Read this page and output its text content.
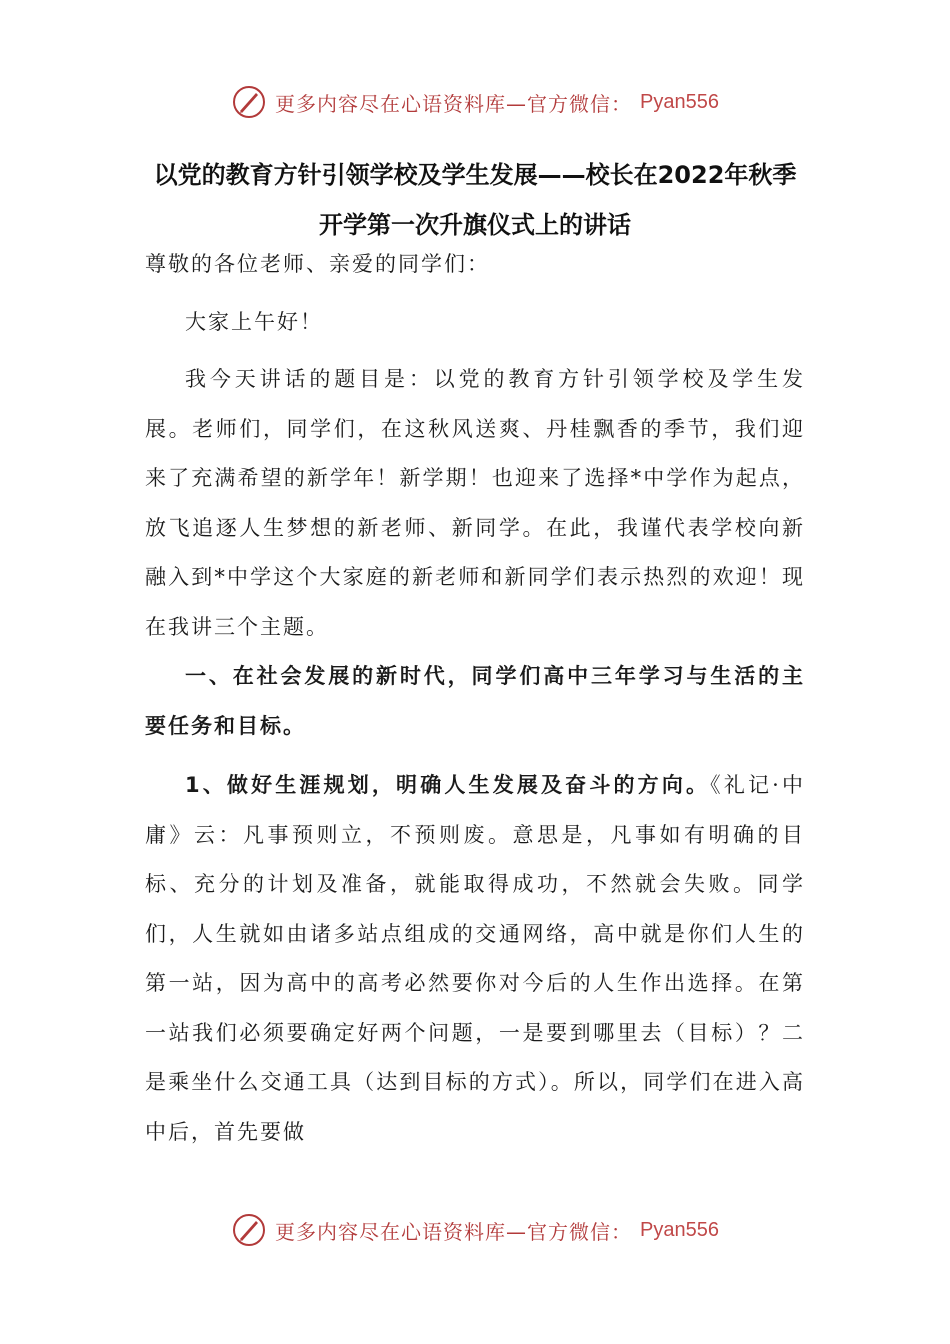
更多内容尽在心语资料库—官方微信： Pyan556
以党的教育方针引领学校及学生发展——校长在2022年秋季开学第一次升旗仪式上的讲话

尊敬的各位老师、亲爱的同学们：

大家上午好！

我今天讲话的题目是：以党的教育方针引领学校及学生发展。老师们，同学们，在这秋风送爽、丹桂飘香的季节，我们迎来了充满希望的新学年！新学期！也迎来了选择*中学作为起点，放飞追逐人生梦想的新老师、新同学。在此，我谨代表学校向新融入到*中学这个大家庭的新老师和新同学们表示热烈的欢迎！现在我讲三个主题。

一、在社会发展的新时代，同学们高中三年学习与生活的主要任务和目标。

1、做好生涯规划，明确人生发展及奋斗的方向。《礼记·中庸》云：凡事预则立，不预则废。意思是，凡事如有明确的目标、充分的计划及准备，就能取得成功，不然就会失败。同学们，人生就如由诸多站点组成的交通网络，高中就是你们人生的第一站，因为高中的高考必然要你对今后的人生作出选择。在第一站我们必须要确定好两个问题，一是要到哪里去（目标）？二是乘坐什么交通工具（达到目标的方式）。所以，同学们在进入高中后，首先要做

更多内容尽在心语资料库—官方微信： Pyan556
